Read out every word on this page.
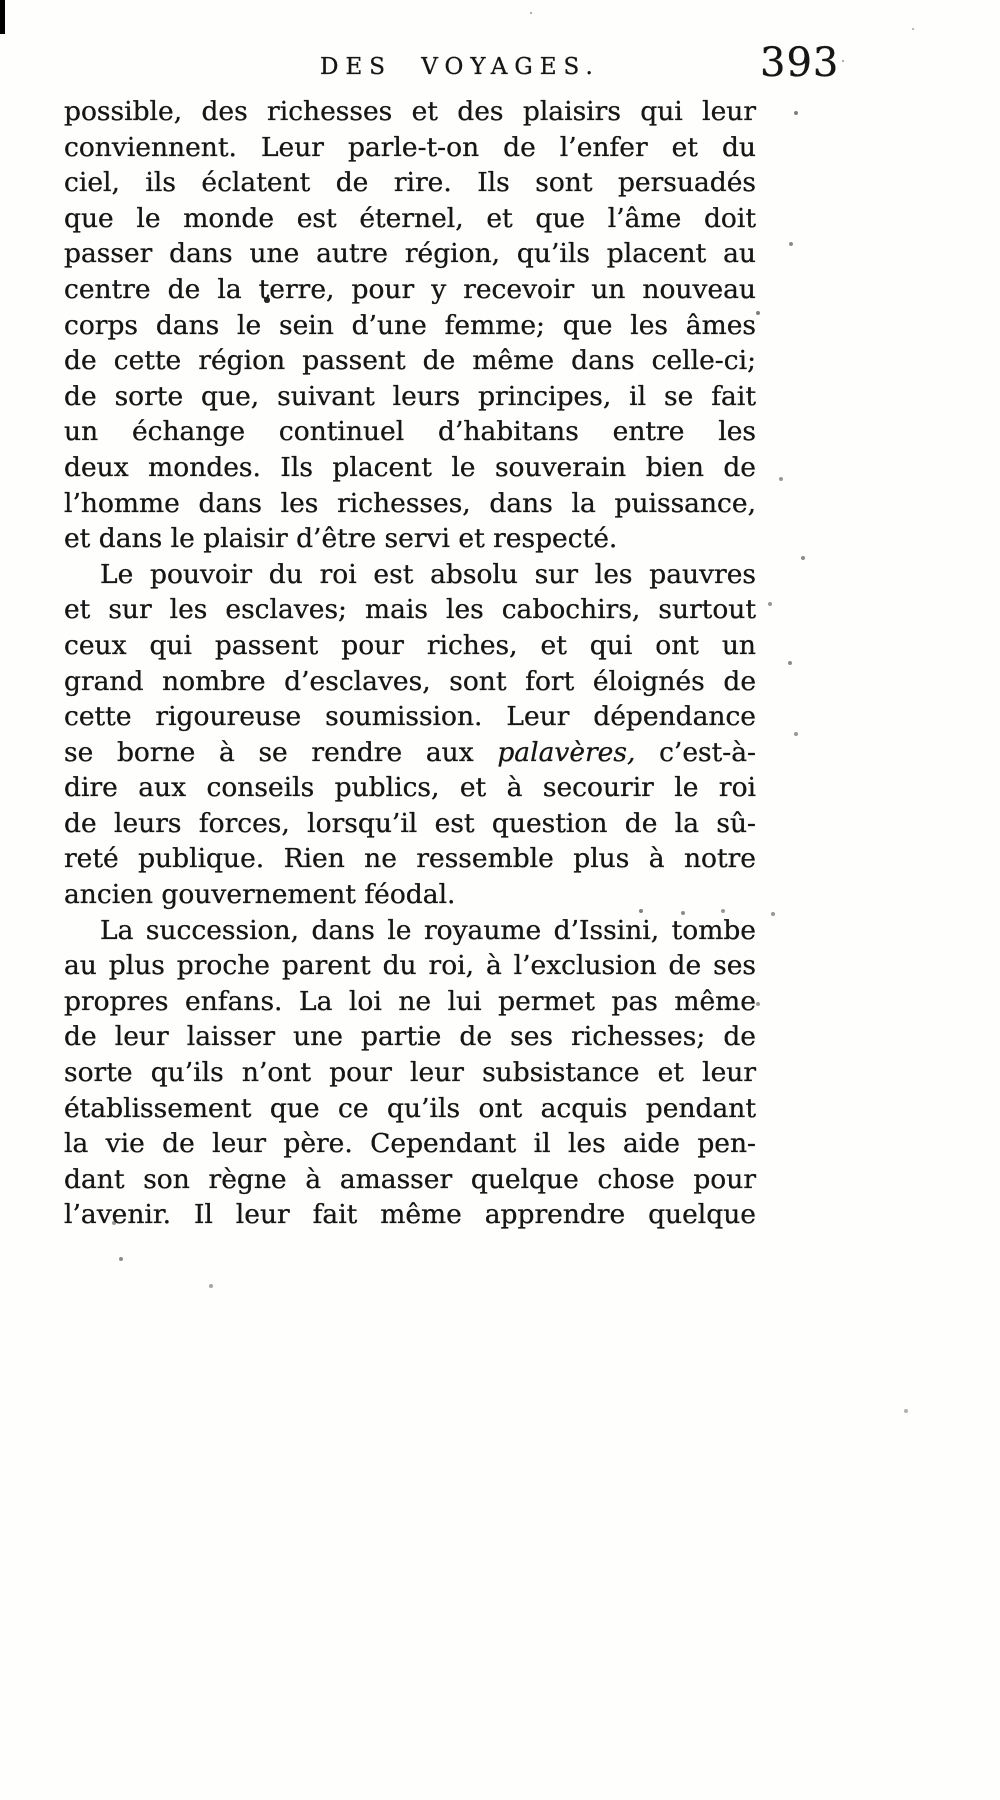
DES VOYAGES.	393
possible, des richesses et des plaisirs qui leur
conviennent. Leur parle-t-on de l’enfer et du
ciel, ils éclatent de rire. Ils sont persuadés
que le monde est éternel, et que l’âme doit
passer dans une autre région, qu’ils placent au
centre de la terre, pour y recevoir un nouveau
corps dans le sein d’une femme; que les âmes
de cette région passent de même dans celle-ci;
de sorte que, suivant leurs principes, il se fait
un échange continuel d’habitans entre les
deux mondes. Ils placent le souverain bien de
l’homme dans les richesses, dans la puissance,
et dans le plaisir d’être servi et respecté.
Le pouvoir du roi est absolu sur les pauvres
et sur les esclaves; mais les cabochirs, surtout
ceux qui passent pour riches, et qui ont un
grand nombre d’esclaves, sont fort éloignés de
cette rigoureuse soumission. Leur dépendance
se borne à se rendre aux palavères, c’est-à-
dire aux conseils publics, et à secourir le roi
de leurs forces, lorsqu’il est question de la sû-
reté publique. Rien ne ressemble plus à notre
ancien gouvernement féodal.
La succession, dans le royaume d’Issini, tombe
au plus proche parent du roi, à l’exclusion de ses
propres enfans. La loi ne lui permet pas même
de leur laisser une partie de ses richesses; de
sorte qu’ils n’ont pour leur subsistance et leur
établissement que ce qu’ils ont acquis pendant
la vie de leur père. Cependant il les aide pen-
dant son règne à amasser quelque chose pour
l’avenir. Il leur fait même apprendre quelque
